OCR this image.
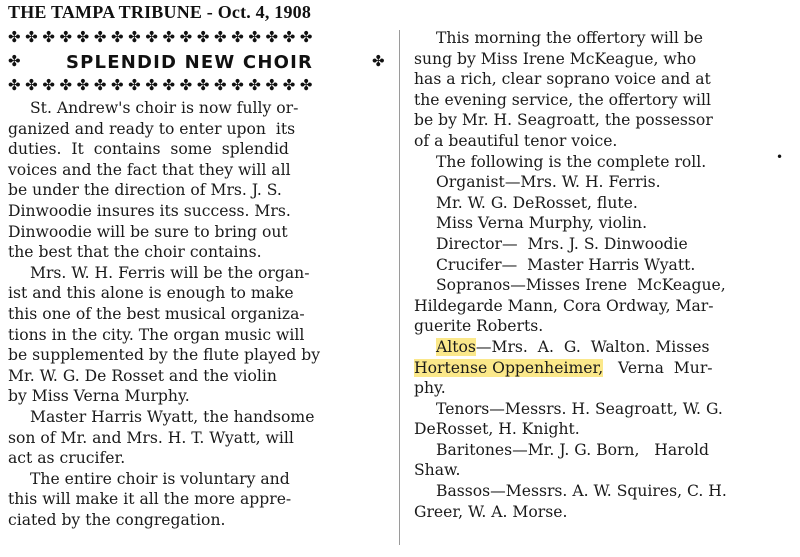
THE TAMPA TRIBUNE - Oct. 4, 1908
✤✤✤✤✤✤✤✤✤✤✤✤✤✤✤✤✤✤
✤	SPLENDID NEW CHOIR	✤
✤✤✤✤✤✤✤✤✤✤✤✤✤✤✤✤✤✤
St. Andrew's choir is now fully or-
ganized and ready to enter upon  its
duties.  It  contains  some  splendid
voices and the fact that they will all
be under the direction of Mrs. J. S.
Dinwoodie insures its success. Mrs.
Dinwoodie will be sure to bring out
the best that the choir contains.
Mrs. W. H. Ferris will be the organ-
ist and this alone is enough to make
this one of the best musical organiza-
tions in the city. The organ music will
be supplemented by the flute played by
Mr. W. G. De Rosset and the violin
by Miss Verna Murphy.
Master Harris Wyatt, the handsome
son of Mr. and Mrs. H. T. Wyatt, will
act as crucifer.
The entire choir is voluntary and
this will make it all the more appre-
ciated by the congregation.
This morning the offertory will be
sung by Miss Irene McKeague, who
has a rich, clear soprano voice and at
the evening service, the offertory will
be by Mr. H. Seagroatt, the possessor
of a beautiful tenor voice.
The following is the complete roll.
Organist—Mrs. W. H. Ferris.
Mr. W. G. DeRosset, flute.
Miss Verna Murphy, violin.
Director—  Mrs. J. S. Dinwoodie
Crucifer—  Master Harris Wyatt.
Sopranos—Misses Irene  McKeague,
Hildegarde Mann, Cora Ordway, Mar-
guerite Roberts.
Altos—Mrs.  A.  G.  Walton. Misses
Hortense Oppenheimer,   Verna  Mur-
phy.
Tenors—Messrs. H. Seagroatt, W. G.
DeRosset, H. Knight.
Baritones—Mr. J. G. Born,   Harold
Shaw.
Bassos—Messrs. A. W. Squires, C. H.
Greer, W. A. Morse.
•
